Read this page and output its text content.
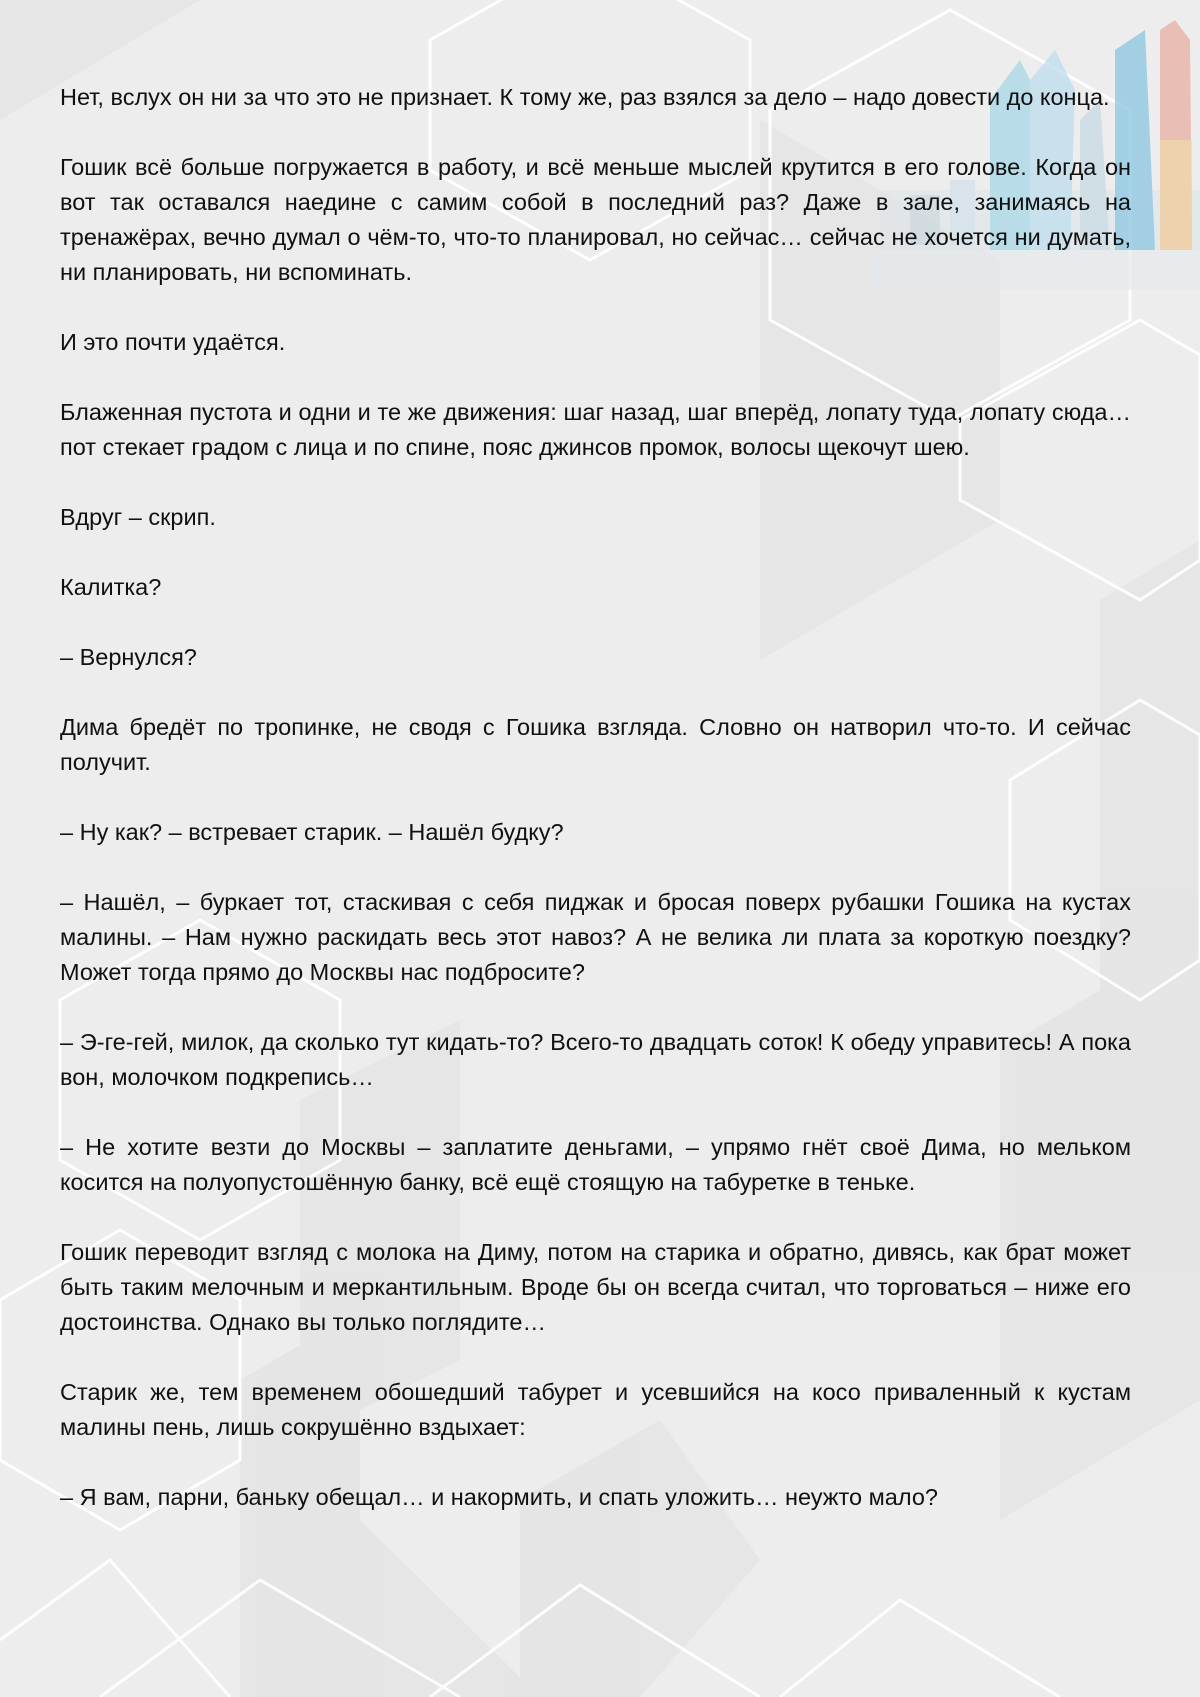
Нет, вслух он ни за что это не признает. К тому же, раз взялся за дело – надо довести до конца.

Гошик всё больше погружается в работу, и всё меньше мыслей крутится в его голове. Когда он вот так оставался наедине с самим собой в последний раз? Даже в зале, занимаясь на тренажёрах, вечно думал о чём-то, что-то планировал, но сейчас… сейчас не хочется ни думать, ни планировать, ни вспоминать.

И это почти удаётся.

Блаженная пустота и одни и те же движения: шаг назад, шаг вперёд, лопату туда, лопату сюда… пот стекает градом с лица и по спине, пояс джинсов промок, волосы щекочут шею.

Вдруг – скрип.

Калитка?

– Вернулся?

Дима бредёт по тропинке, не сводя с Гошика взгляда. Словно он натворил что-то. И сейчас получит.

– Ну как? – встревает старик. – Нашёл будку?

– Нашёл, – буркает тот, стаскивая с себя пиджак и бросая поверх рубашки Гошика на кустах малины. – Нам нужно раскидать весь этот навоз? А не велика ли плата за короткую поездку? Может тогда прямо до Москвы нас подбросите?

– Э-ге-гей, милок, да сколько тут кидать-то? Всего-то двадцать соток! К обеду управитесь! А пока вон, молочком подкрепись…

– Не хотите везти до Москвы – заплатите деньгами, – упрямо гнёт своё Дима, но мельком косится на полуопустошённую банку, всё ещё стоящую на табуретке в теньке.

Гошик переводит взгляд с молока на Диму, потом на старика и обратно, дивясь, как брат может быть таким мелочным и меркантильным. Вроде бы он всегда считал, что торговаться – ниже его достоинства. Однако вы только поглядите…

Старик же, тем временем обошедший табурет и усевшийся на косо приваленный к кустам малины пень, лишь сокрушённо вздыхает:

– Я вам, парни, баньку обещал… и накормить, и спать уложить… неужто мало?
